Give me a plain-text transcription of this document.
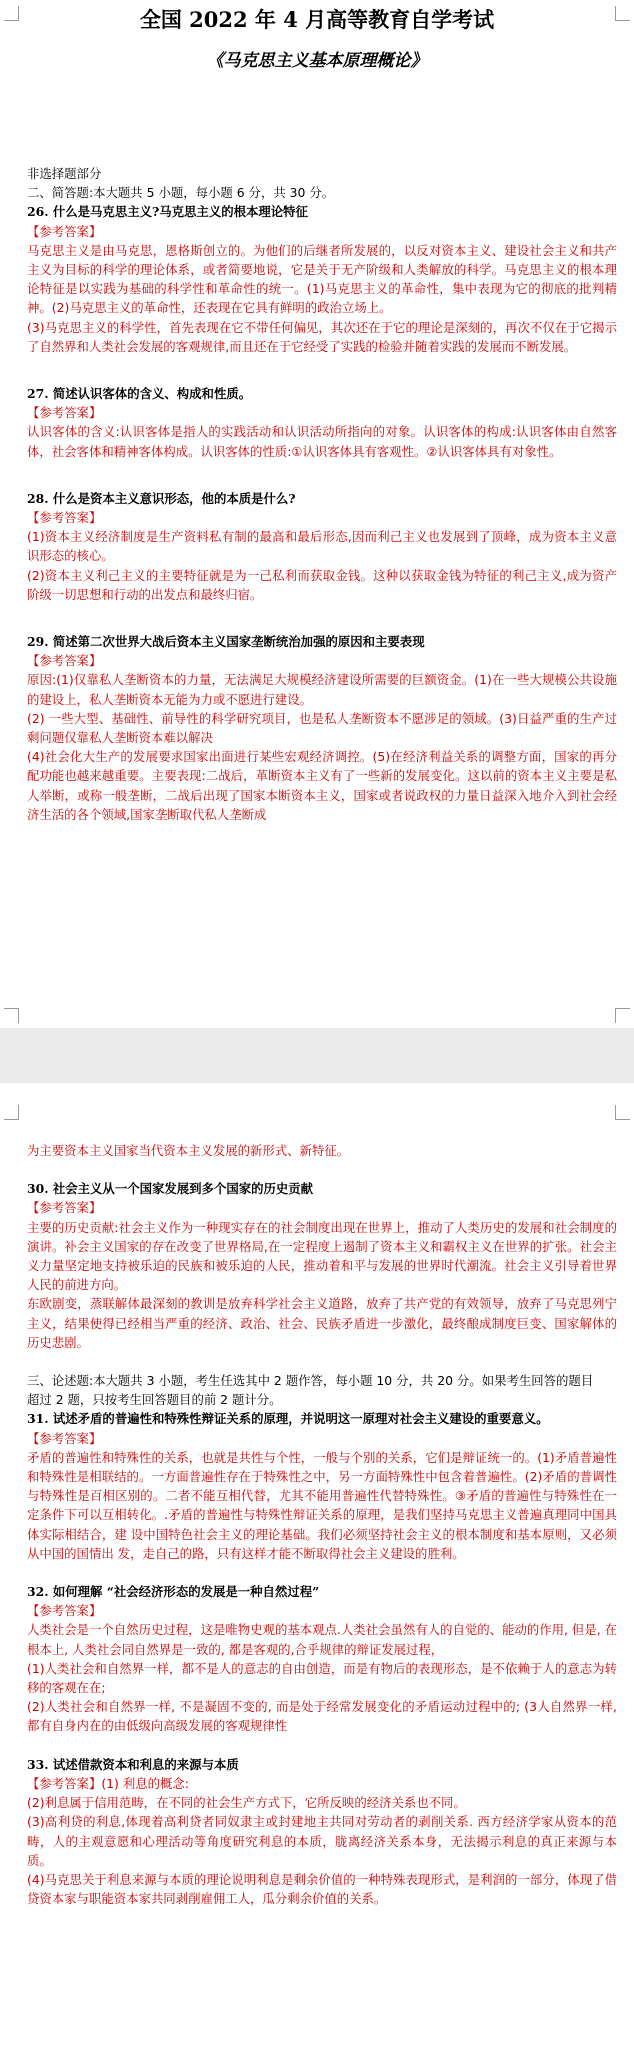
全国 2022 年 4 月高等教育自学考试
《马克思主义基本原理概论》

非选择题部分

二、简答题:本大题共 5 小题，每小题 6 分，共 30 分。

26. 什么是马克思主义?马克思主义的根本理论特征

【参考答案】

马克思主义是由马克思，恩格斯创立的。为他们的后继者所发展的，以反对资本主义、建设社会主义和共产主义为目标的科学的理论体系，或者简要地说，它是关于无产阶级和人类解放的科学。马克思主义的根本理论特征是以实践为基础的科学性和革命性的统一。(1)马克思主义的革命性，集中表现为它的彻底的批判精神。(2)马克思主义的革命性，还表现在它具有鲜明的政治立场上。

(3)马克思主义的科学性，首先表现在它不带任何偏见，其次还在于它的理论是深刻的，再次不仅在于它揭示了自然界和人类社会发展的客观规律,而且还在于它经受了实践的检验并随着实践的发展而不断发展。

27. 简述认识客体的含义、构成和性质。

【参考答案】

认识客体的含义:认识客体是指人的实践活动和认识活动所指向的对象。认识客体的构成:认识客体由自然客体，社会客体和精神客体构成。认识客体的性质:①认识客体具有客观性。②认识客体具有对象性。

28. 什么是资本主义意识形态，他的本质是什么?

【参考答案】

(1)资本主义经济制度是生产资料私有制的最高和最后形态,因而利己主义也发展到了顶峰，成为资本主义意识形态的核心。

(2)资本主义利己主义的主要特征就是为一己私利而获取金钱。这种以获取金钱为特征的利己主义,成为资产阶级一切思想和行动的出发点和最终归宿。

29. 简述第二次世界大战后资本主义国家垄断统治加强的原因和主要表现

【参考答案】

原因:(1)仅靠私人垄断资本的力量，无法满足大规模经济建设所需要的巨额资金。(1)在一些大规模公共设施的建设上，私人垄断资本无能为力或不愿进行建设。

(2) 一些大型、基础性、前导性的科学研究项目，也是私人垄断资本不愿涉足的领域。(3)日益严重的生产过剩问题仅靠私人垄断资本难以解决

(4)社会化大生产的发展要求国家出面进行某些宏观经济调控。(5)在经济利益关系的调整方面，国家的再分配功能也越来越重要。主要表现:二战后，革断资本主义有了一些新的发展变化。这以前的资本主义主要是私人举断，或称一般垄断，二战后出现了国家本断资本主义，国家或者说政权的力量日益深入地介入到社会经济生活的各个领域,国家垄断取代私人垄断成

为主要资本主义国家当代资本主义发展的新形式、新特征。

30. 社会主义从一个国家发展到多个国家的历史贡献

【参考答案】

主要的历史贡献:社会主义作为一种现实存在的社会制度出现在世界上，推动了人类历史的发展和社会制度的演讲。补会主义国家的存在改变了世界格局,在一定程度上遏制了资本主义和霸权主义在世界的扩张。社会主义力量坚定地支持被乐迫的民族和被乐迫的人民，推动着和平与发展的世界时代潮流。社会主义引导着世界人民的前进方向。

东欧剧变，蒸联解体最深刻的教训是放弃科学社会主义道路，放弃了共产党的有效领导，放弃了马克思列宁主义，结果使得已经相当严重的经济、政治、社会、民族矛盾进一步激化，最终酿成制度巨变、国家解体的历史悲剧。

三、论述题:本大题共 3 小题，考生任选其中 2 题作答，每小题 10 分，共 20 分。如果考生回答的题目

超过 2 题，只按考生回答题目的前 2 题计分。

31. 试述矛盾的普遍性和特殊性辩证关系的原理，并说明这一原理对社会主义建设的重要意义。

【参考答案】

矛盾的普遍性和特殊性的关系，也就是共性与个性，一般与个别的关系，它们是辩证统一的。(1)矛盾普遍性和特殊性是相联结的。一方面普遍性存在于特殊性之中，另一方面特殊性中包含着普遍性。(2)矛盾的普调性与特殊性是百相区别的。二者不能互相代替，尤其不能用普遍性代替特殊性。③矛盾的普遍性与特殊性在一定条件下可以互相转化。.矛盾的普遍性与特殊性辩证关系的原理，是我们坚持马克思主义普遍真理同中国具体实际相结合，建 设中国特色社会主义的理论基础。我们必须坚持社会主义的根本制度和基本原则，又必须从中国的国情出 发，走自己的路，只有这样才能不断取得社会主义建设的胜利。

32. 如何理解 “社会经济形态的发展是一种自然过程”

【参考答案】

人类社会是一个自然历史过程，这是唯物史观的基本观点.人类社会虽然有人的自觉的、能动的作用, 但是, 在根本上, 人类社会同自然界是一致的, 都是客观的,合乎规律的辩证发展过程，

(1)人类社会和自然界一样，都不是人的意志的自由创造，而是有物后的表现形态，是不依赖于人的意志为转移的客观在在;

(2)人类社会和自然界一样, 不是凝固不变的, 而是处于经常发展变化的矛盾运动过程中的; (3人自然界一样, 都有自身内在的由低级向高级发展的客观规律性

33. 试述借款资本和利息的来源与本质

【参考答案】(1) 利息的概念:

(2)利息属于信用范畴，在不同的社会生产方式下，它所反映的经济关系也不同。

(3)高利贷的利息,体现着高利贷者同奴隶主或封建地主共同对劳动者的剥削关系. 西方经济学家从资本的范畴，人的主观意愿和心理活动等角度研究利息的本质，胧离经济关系本身，无法揭示利息的真正来源与本质。

(4)马克思关于利息来源与本质的理论说明利息是剩余价值的一种特殊表现形式，是利润的一部分，体现了借贷资本家与职能资本家共同剥削雇佣工人，瓜分剩余价值的关系。
